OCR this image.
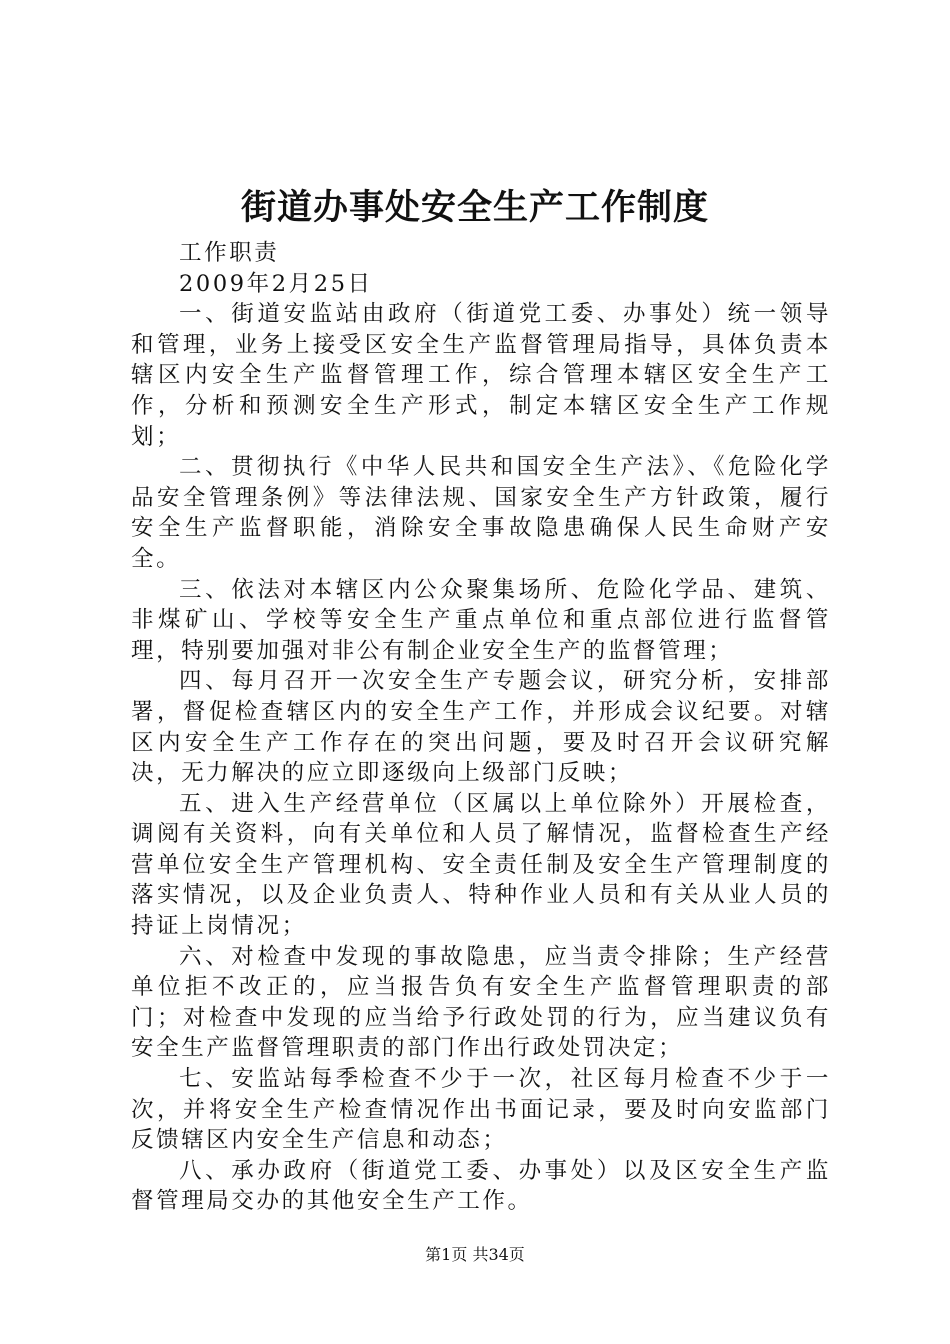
街道办事处安全生产工作制度

工作职责

2009年2月25日

一、街道安监站由政府（街道党工委、办事处）统一领导和管理，业务上接受区安全生产监督管理局指导，具体负责本辖区内安全生产监督管理工作，综合管理本辖区安全生产工作，分析和预测安全生产形式，制定本辖区安全生产工作规划；

二、贯彻执行《中华人民共和国安全生产法》、《危险化学品安全管理条例》等法律法规、国家安全生产方针政策，履行安全生产监督职能，消除安全事故隐患确保人民生命财产安全。

三、依法对本辖区内公众聚集场所、危险化学品、建筑、非煤矿山、学校等安全生产重点单位和重点部位进行监督管理，特别要加强对非公有制企业安全生产的监督管理；

四、每月召开一次安全生产专题会议，研究分析，安排部署，督促检查辖区内的安全生产工作，并形成会议纪要。对辖区内安全生产工作存在的突出问题，要及时召开会议研究解决，无力解决的应立即逐级向上级部门反映；

五、进入生产经营单位（区属以上单位除外）开展检查，调阅有关资料，向有关单位和人员了解情况，监督检查生产经营单位安全生产管理机构、安全责任制及安全生产管理制度的落实情况，以及企业负责人、特种作业人员和有关从业人员的持证上岗情况；

六、对检查中发现的事故隐患，应当责令排除；生产经营单位拒不改正的，应当报告负有安全生产监督管理职责的部门；对检查中发现的应当给予行政处罚的行为，应当建议负有安全生产监督管理职责的部门作出行政处罚决定；

七、安监站每季检查不少于一次，社区每月检查不少于一次，并将安全生产检查情况作出书面记录，要及时向安监部门反馈辖区内安全生产信息和动态；

八、承办政府（街道党工委、办事处）以及区安全生产监督管理局交办的其他安全生产工作。

第1页 共34页
